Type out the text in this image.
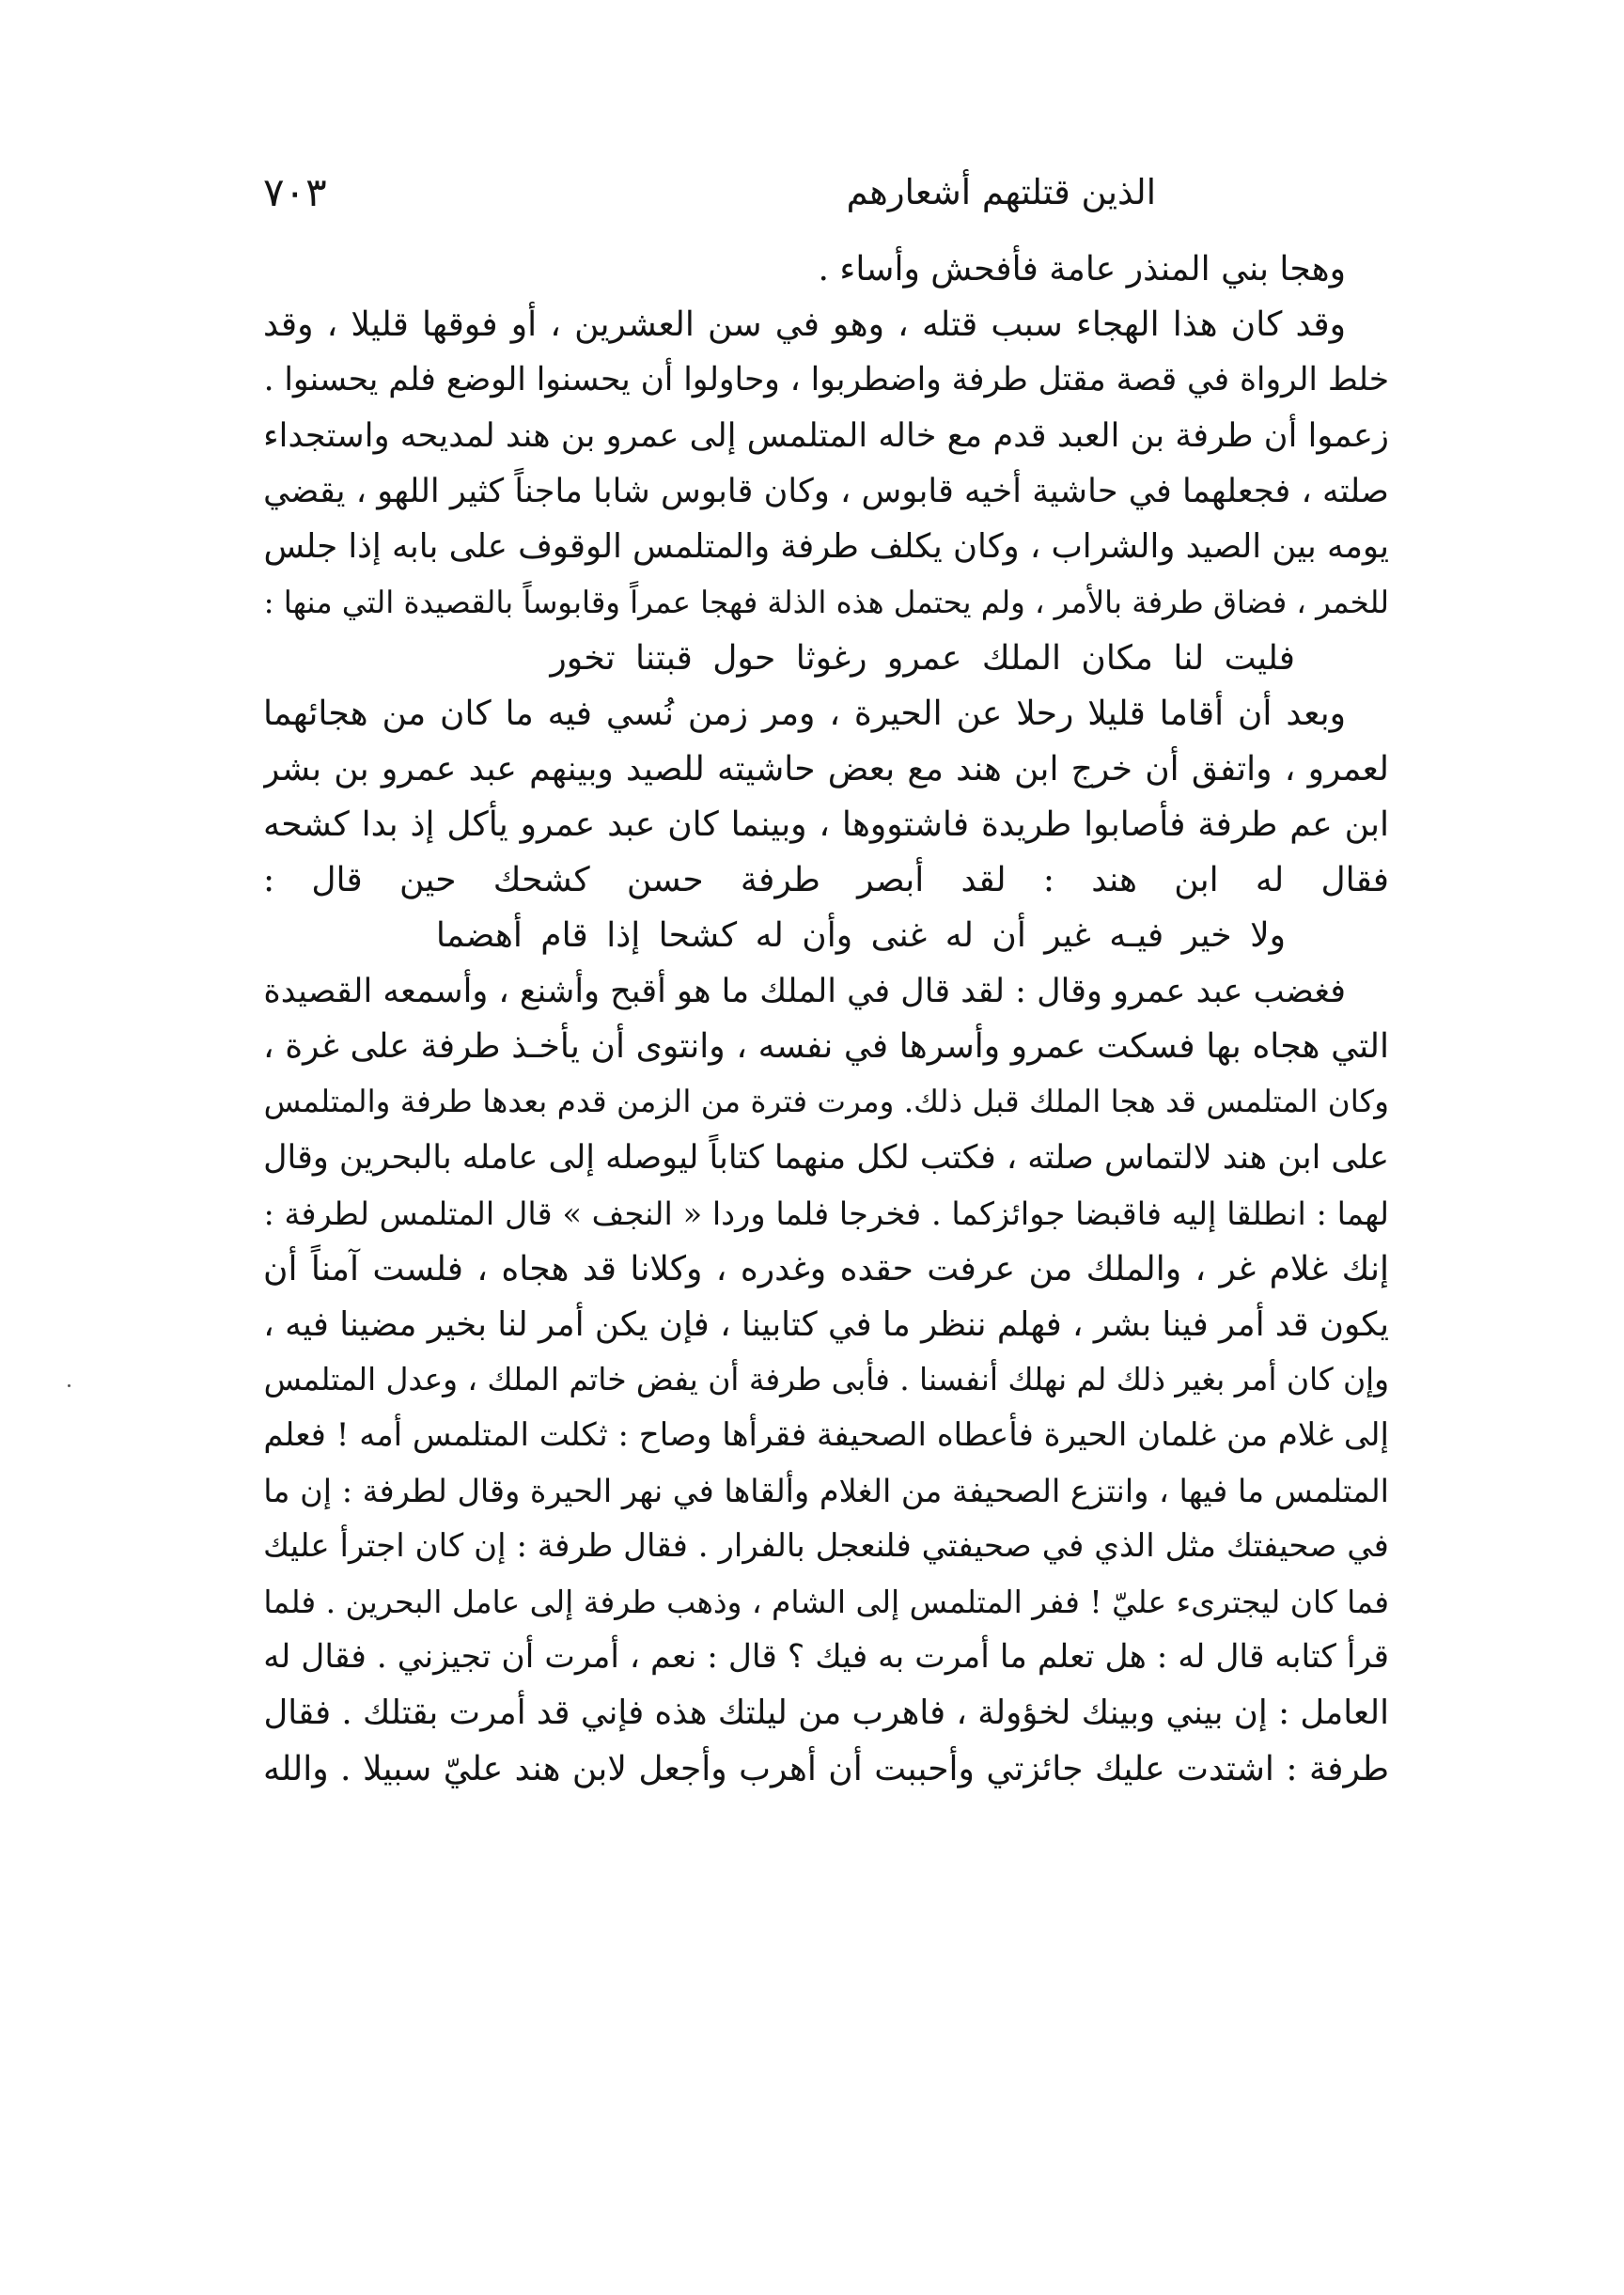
الذين قتلتهم أشعارهم
٧٠٣
وهجا بني المنذر عامة فأفحش وأساء .
وقد كان هذا الهجاء سبب قتله ، وهو في سن العشرين ، أو فوقها قليلا ، وقد
خلط الرواة في قصة مقتل طرفة واضطربوا ، وحاولوا أن يحسنوا الوضع فلم يحسنوا .
زعموا أن طرفة بن العبد قدم مع خاله المتلمس إلى عمرو بن هند لمديحه واستجداء
صلته ، فجعلهما في حاشية أخيه قابوس ، وكان قابوس شابا ماجناً كثير اللهو ، يقضي
يومه بين الصيد والشراب ، وكان يكلف طرفة والمتلمس الوقوف على بابه إذا جلس
للخمر ، فضاق طرفة بالأمر ، ولم يحتمل هذه الذلة فهجا عمراً وقابوساً بالقصيدة التي منها :
فليت لنا مكان الملك عمرو رغوثا حول قبتنا تخور
وبعد أن أقاما قليلا رحلا عن الحيرة ، ومر زمن نُسي فيه ما كان من هجائهما
لعمرو ، واتفق أن خرج ابن هند مع بعض حاشيته للصيد وبينهم عبد عمرو بن بشر
ابن عم طرفة فأصابوا طريدة فاشتووها ، وبينما كان عبد عمرو يأكل إذ بدا كشحه
فقال له ابن هند : لقد أبصر طرفة حسن كشحك حين قال :
ولا خير فيـه غير أن له غنى وأن له كشحا إذا قام أهضما
فغضب عبد عمرو وقال : لقد قال في الملك ما هو أقبح وأشنع ، وأسمعه القصيدة
التي هجاه بها فسكت عمرو وأسرها في نفسه ، وانتوى أن يأخـذ طرفة على غرة ،
وكان المتلمس قد هجا الملك قبل ذلك. ومرت فترة من الزمن قدم بعدها طرفة والمتلمس
على ابن هند لالتماس صلته ، فكتب لكل منهما كتاباً ليوصله إلى عامله بالبحرين وقال
لهما : انطلقا إليه فاقبضا جوائزكما . فخرجا فلما وردا « النجف » قال المتلمس لطرفة :
إنك غلام غر ، والملك من عرفت حقده وغدره ، وكلانا قد هجاه ، فلست آمناً أن
يكون قد أمر فينا بشر ، فهلم ننظر ما في كتابينا ، فإن يكن أمر لنا بخير مضينا فيه ،
وإن كان أمر بغير ذلك لم نهلك أنفسنا . فأبى طرفة أن يفض خاتم الملك ، وعدل المتلمس
إلى غلام من غلمان الحيرة فأعطاه الصحيفة فقرأها وصاح : ثكلت المتلمس أمه ! فعلم
المتلمس ما فيها ، وانتزع الصحيفة من الغلام وألقاها في نهر الحيرة وقال لطرفة : إن ما
في صحيفتك مثل الذي في صحيفتي فلنعجل بالفرار . فقال طرفة : إن كان اجترأ عليك
فما كان ليجترىء عليّ ! ففر المتلمس إلى الشام ، وذهب طرفة إلى عامل البحرين . فلما
قرأ كتابه قال له : هل تعلم ما أمرت به فيك ؟ قال : نعم ، أمرت أن تجيزني . فقال له
العامل : إن بيني وبينك لخؤولة ، فاهرب من ليلتك هذه فإني قد أمرت بقتلك . فقال
طرفة : اشتدت عليك جائزتي وأحببت أن أهرب وأجعل لابن هند عليّ سبيلا . والله
